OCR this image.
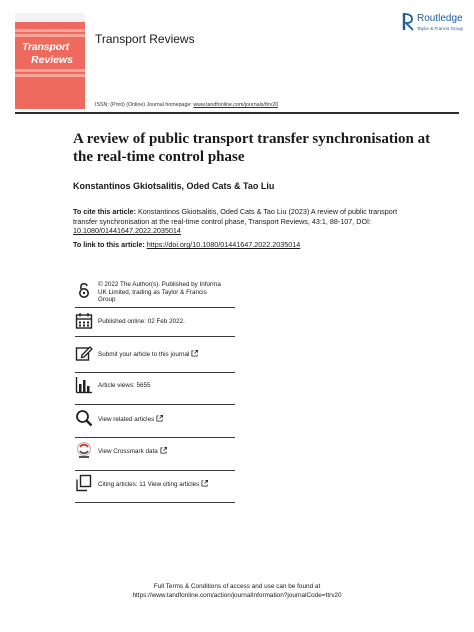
Transport
Reviews
Transport Reviews
Routledge
Taylor & Francis Group
ISSN: (Print) (Online) Journal homepage: www.tandfonline.com/journals/ttrv20
A review of public transport transfer synchronisation at the real-time control phase
Konstantinos Gkiotsalitis, Oded Cats & Tao Liu
To cite this article: Konstantinos Gkiotsalitis, Oded Cats & Tao Liu (2023) A review of public transport transfer synchronisation at the real-time control phase, Transport Reviews, 43:1, 88-107, DOI: 10.1080/01441647.2022.2035014
To link to this article: https://doi.org/10.1080/01441647.2022.2035014
© 2022 The Author(s). Published by Informa
UK Limited, trading as Taylor & Francis
Group
Published online: 02 Feb 2022.
Submit your article to this journal
Article views: 5655
View related articles
View Crossmark data
Citing articles: 11 View citing articles
Full Terms & Conditions of access and use can be found at
https://www.tandfonline.com/action/journalInformation?journalCode=ttrv20
